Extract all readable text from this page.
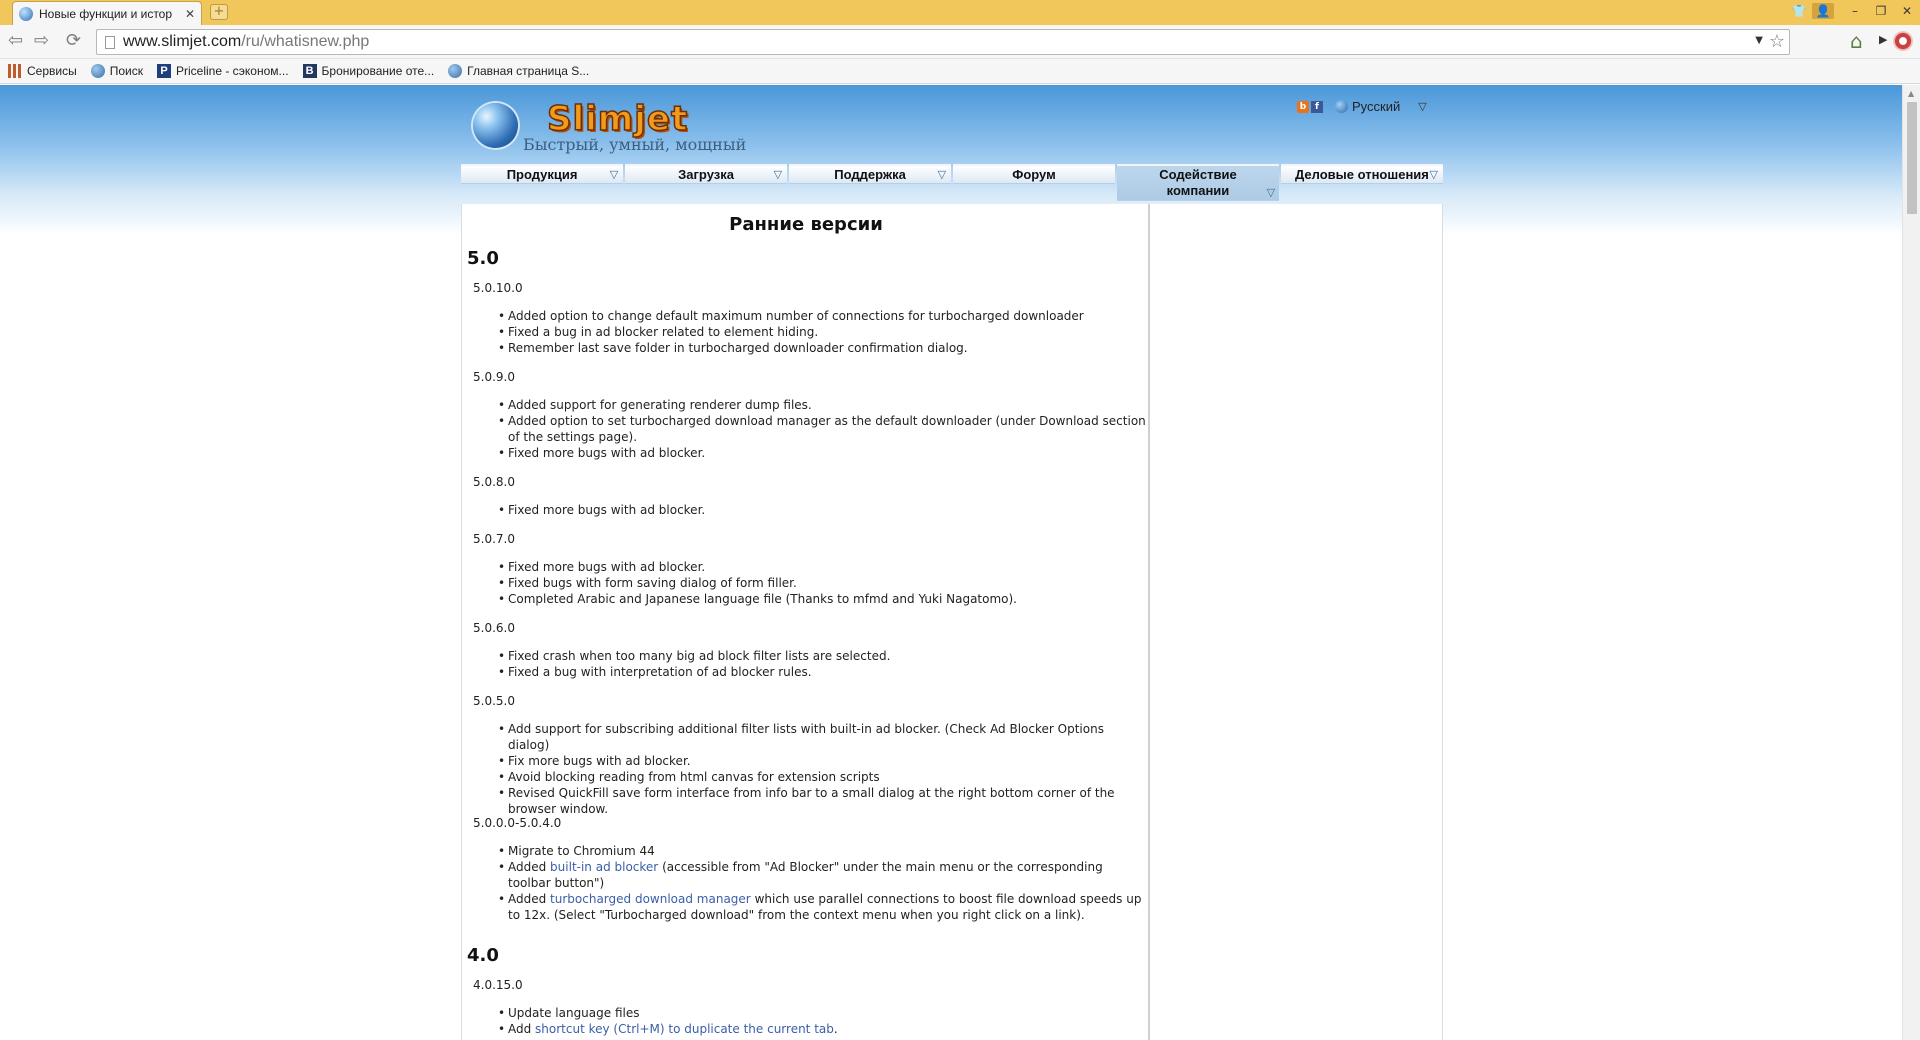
Новые функции и истор	✕ +	👕 👤	–	❐	✕
⇦ ⇨ ⟳	www.slimjet.com/ru/whatisnew.php	▼ ☆	⌂ ▶
Сервисы	Поиск	P Priceline - сэконом... B Бронирование оте...	Главная страница S...
Slimjet
Быстрый, умный, мощный
b f	Русский ▽
Продукция	▽	Загрузка	▽	Поддержка	▽	Форум	Содействие
компании	▽
Деловые отношения ▽
Ранние версии
5.0
5.0.10.0
• Added option to change default maximum number of connections for turbocharged downloader
• Fixed a bug in ad blocker related to element hiding.
• Remember last save folder in turbocharged downloader confirmation dialog.
5.0.9.0
• Added support for generating renderer dump files.
• Added option to set turbocharged download manager as the default downloader (under Download section of the settings page).
• Fixed more bugs with ad blocker.
5.0.8.0
• Fixed more bugs with ad blocker.
5.0.7.0
• Fixed more bugs with ad blocker.
• Fixed bugs with form saving dialog of form filler.
• Completed Arabic and Japanese language file (Thanks to mfmd and Yuki Nagatomo).
5.0.6.0
• Fixed crash when too many big ad block filter lists are selected.
• Fixed a bug with interpretation of ad blocker rules.
5.0.5.0
• Add support for subscribing additional filter lists with built-in ad blocker. (Check Ad Blocker Options dialog)
• Fix more bugs with ad blocker.
• Avoid blocking reading from html canvas for extension scripts
• Revised QuickFill save form interface from info bar to a small dialog at the right bottom corner of the browser window.
5.0.0.0-5.0.4.0
• Migrate to Chromium 44
• Added built-in ad blocker (accessible from "Ad Blocker" under the main menu or the corresponding toolbar button")
• Added turbocharged download manager which use parallel connections to boost file download speeds up to 12x. (Select "Turbocharged download" from the context menu when you right click on a link).
4.0
4.0.15.0
• Update language files
• Add shortcut key (Ctrl+M) to duplicate the current tab.
▲
